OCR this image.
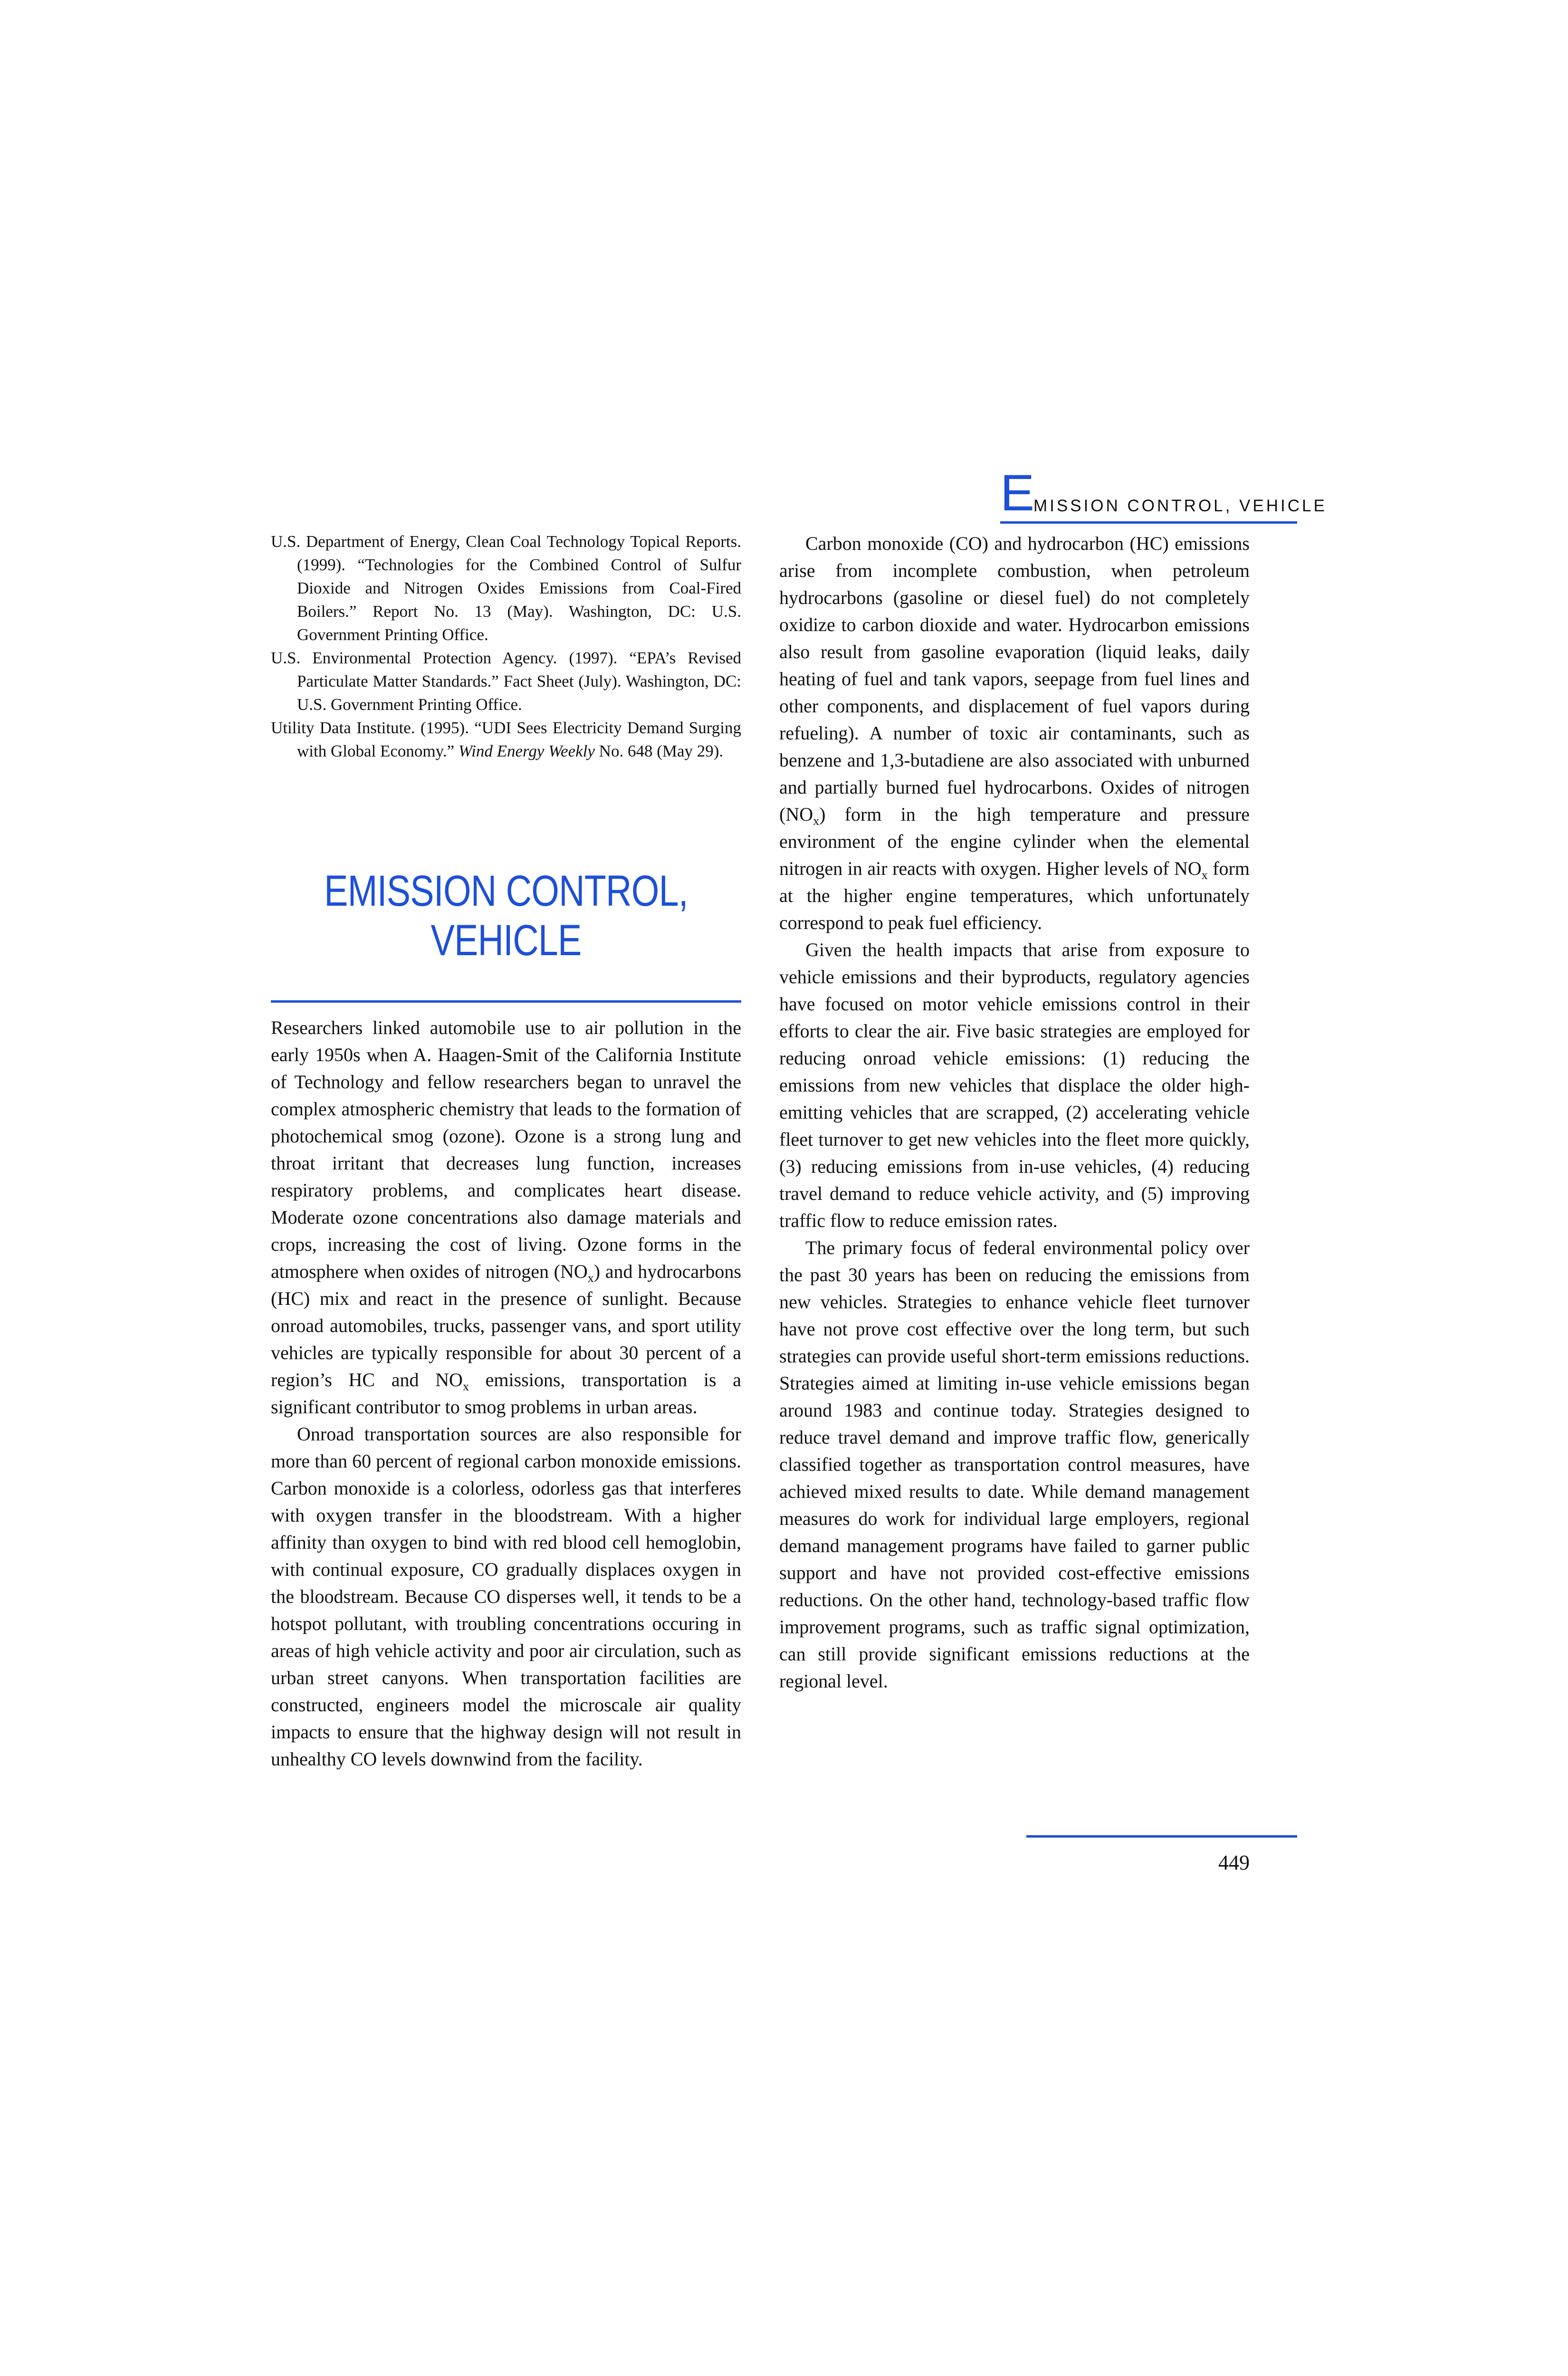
E
MISSION CONTROL, VEHICLE

U.S. Department of Energy, Clean Coal Technology Topical Reports. (1999). “Technologies for the Combined Control of Sulfur Dioxide and Nitrogen Oxides Emissions from Coal-Fired Boilers.” Report No. 13 (May). Washington, DC: U.S. Government Printing Office.

U.S. Environmental Protection Agency. (1997). “EPA’s Revised Particulate Matter Standards.” Fact Sheet (July). Washington, DC: U.S. Government Printing Office.

Utility Data Institute. (1995). “UDI Sees Electricity Demand Surging with Global Economy.” Wind Energy Weekly No. 648 (May 29).

EMISSION CONTROL,
VEHICLE

Researchers linked automobile use to air pollution in the early 1950s when A. Haagen-Smit of the California Institute of Technology and fellow researchers began to unravel the complex atmospheric chemistry that leads to the formation of photochemical smog (ozone). Ozone is a strong lung and throat irritant that decreases lung function, increases respiratory problems, and complicates heart disease. Moderate ozone concentrations also damage materials and crops, increasing the cost of living. Ozone forms in the atmosphere when oxides of nitrogen $(NO_x)$ and hydrocarbons (HC) mix and react in the presence of sunlight. Because onroad automobiles, trucks, passenger vans, and sport utility vehicles are typically responsible for about 30 percent of a region’s HC and $NO_x$ emissions, transportation is a significant contributor to smog problems in urban areas.

Onroad transportation sources are also responsible for more than 60 percent of regional carbon monoxide emissions. Carbon monoxide is a colorless, odorless gas that interferes with oxygen transfer in the bloodstream. With a higher affinity than oxygen to bind with red blood cell hemoglobin, with continual exposure, CO gradually displaces oxygen in the bloodstream. Because CO disperses well, it tends to be a hotspot pollutant, with troubling concentrations occuring in areas of high vehicle activity and poor air circulation, such as urban street canyons. When transportation facilities are constructed, engineers model the microscale air quality impacts to ensure that the highway design will not result in unhealthy CO levels downwind from the facility.

Carbon monoxide (CO) and hydrocarbon (HC) emissions arise from incomplete combustion, when petroleum hydrocarbons (gasoline or diesel fuel) do not completely oxidize to carbon dioxide and water. Hydrocarbon emissions also result from gasoline evaporation (liquid leaks, daily heating of fuel and tank vapors, seepage from fuel lines and other components, and displacement of fuel vapors during refueling). A number of toxic air contaminants, such as benzene and 1,3-butadiene are also associated with unburned and partially burned fuel hydrocarbons. Oxides of nitrogen $(NO_x)$ form in the high temperature and pressure environment of the engine cylinder when the elemental nitrogen in air reacts with oxygen. Higher levels of $NO_x$ form at the higher engine temperatures, which unfortunately correspond to peak fuel efficiency.

Given the health impacts that arise from exposure to vehicle emissions and their byproducts, regulatory agencies have focused on motor vehicle emissions control in their efforts to clear the air. Five basic strategies are employed for reducing onroad vehicle emissions: (1) reducing the emissions from new vehicles that displace the older high-emitting vehicles that are scrapped, (2) accelerating vehicle fleet turnover to get new vehicles into the fleet more quickly, (3) reducing emissions from in-use vehicles, (4) reducing travel demand to reduce vehicle activity, and (5) improving traffic flow to reduce emission rates.

The primary focus of federal environmental policy over the past 30 years has been on reducing the emissions from new vehicles. Strategies to enhance vehicle fleet turnover have not prove cost effective over the long term, but such strategies can provide useful short-term emissions reductions. Strategies aimed at limiting in-use vehicle emissions began around 1983 and continue today. Strategies designed to reduce travel demand and improve traffic flow, generically classified together as transportation control measures, have achieved mixed results to date. While demand management measures do work for individual large employers, regional demand management programs have failed to garner public support and have not provided cost-effective emissions reductions. On the other hand, technology-based traffic flow improvement programs, such as traffic signal optimization, can still provide significant emissions reductions at the regional level.

449
